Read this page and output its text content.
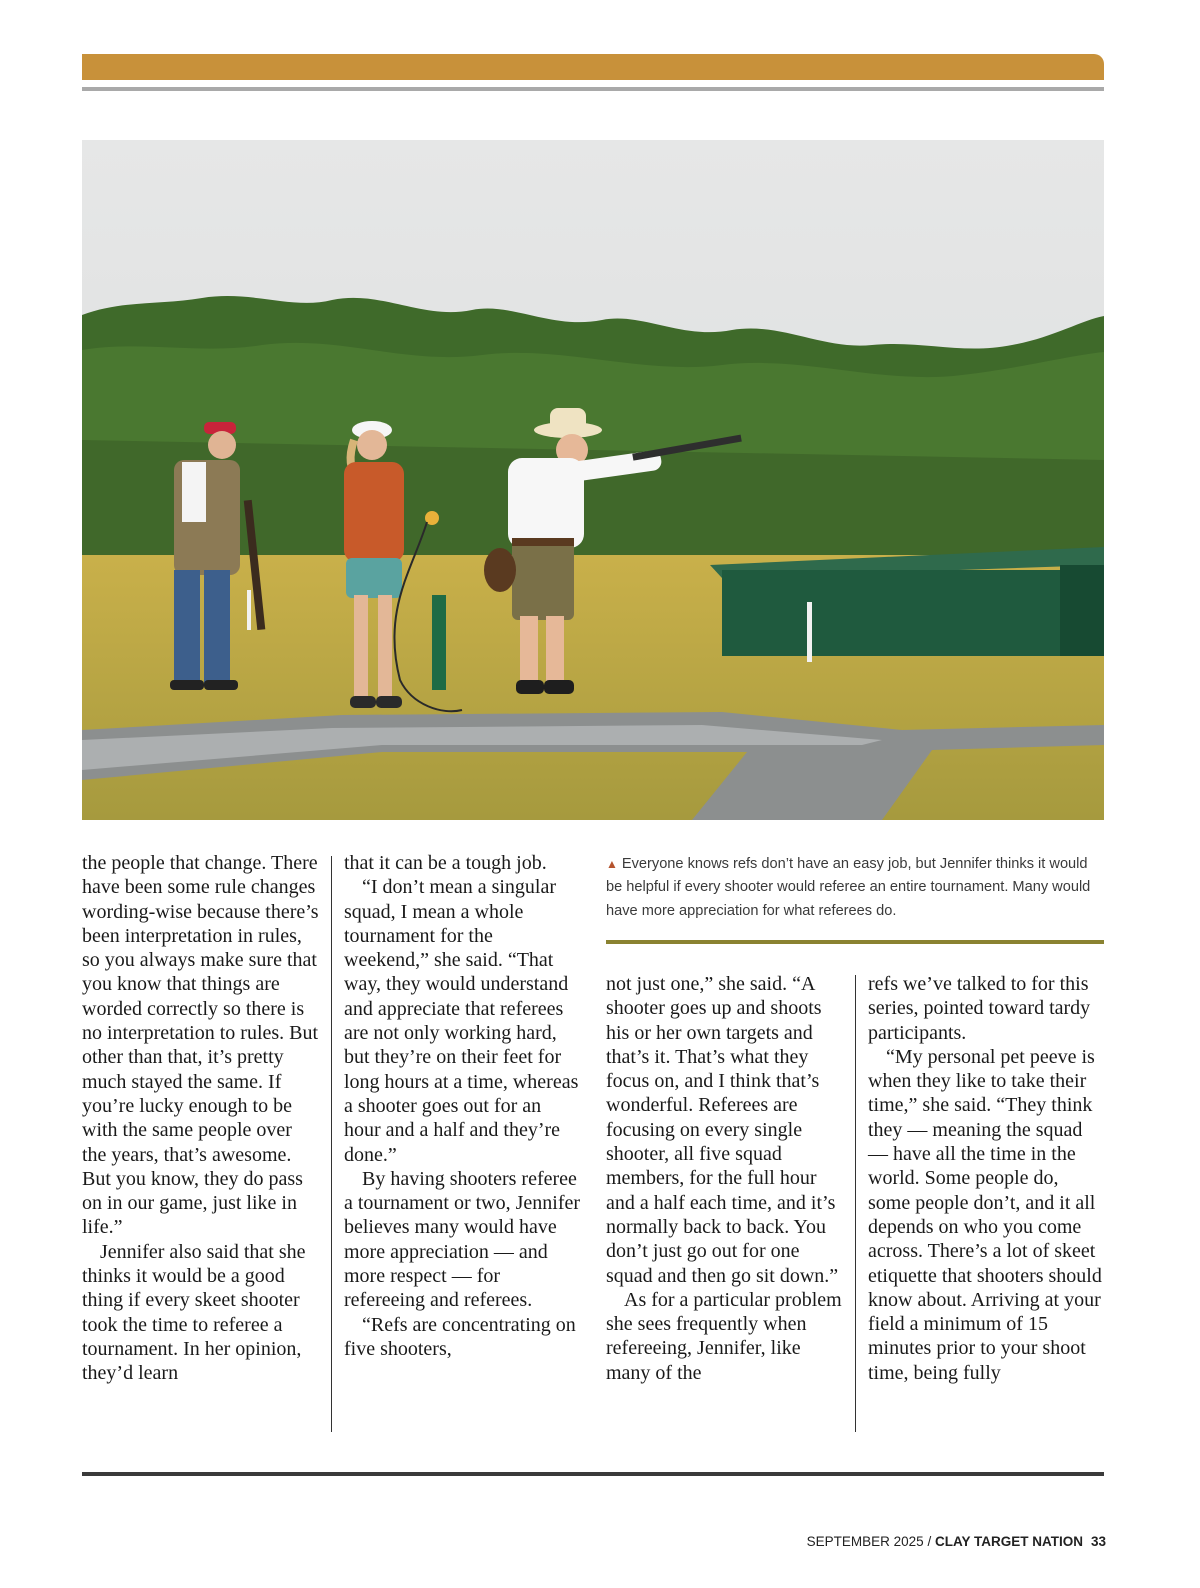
the people that change. There have been some rule changes wording-wise because there’s been interpretation in rules, so you always make sure that you know that things are worded correctly so there is no interpretation to rules. But other than that, it’s pretty much stayed the same. If you’re lucky enough to be with the same people over the years, that’s awesome. But you know, they do pass on in our game, just like in life.”

Jennifer also said that she thinks it would be a good thing if every skeet shooter took the time to referee a tournament. In her opinion, they’d learn

that it can be a tough job.

“I don’t mean a singular squad, I mean a whole tournament for the weekend,” she said. “That way, they would understand and appreciate that referees are not only working hard, but they’re on their feet for long hours at a time, whereas a shooter goes out for an hour and a half and they’re done.”

By having shooters referee a tournament or two, Jennifer believes many would have more appreciation — and more respect — for refereeing and referees.

“Refs are concentrating on five shooters,

▲ Everyone knows refs don’t have an easy job, but Jennifer thinks it would be helpful if every shooter would referee an entire tournament. Many would have more appreciation for what referees do.

not just one,” she said. “A shooter goes up and shoots his or her own targets and that’s it. That’s what they focus on, and I think that’s wonderful. Referees are focusing on every single shooter, all five squad members, for the full hour and a half each time, and it’s normally back to back. You don’t just go out for one squad and then go sit down.”

As for a particular problem she sees frequently when refereeing, Jennifer, like many of the

refs we’ve talked to for this series, pointed toward tardy participants.

“My personal pet peeve is when they like to take their time,” she said. “They think they — meaning the squad — have all the time in the world. Some people do, some people don’t, and it all depends on who you come across. There’s a lot of skeet etiquette that shooters should know about. Arriving at your field a minimum of 15 minutes prior to your shoot time, being fully

SEPTEMBER 2025 / CLAY TARGET NATION 33
